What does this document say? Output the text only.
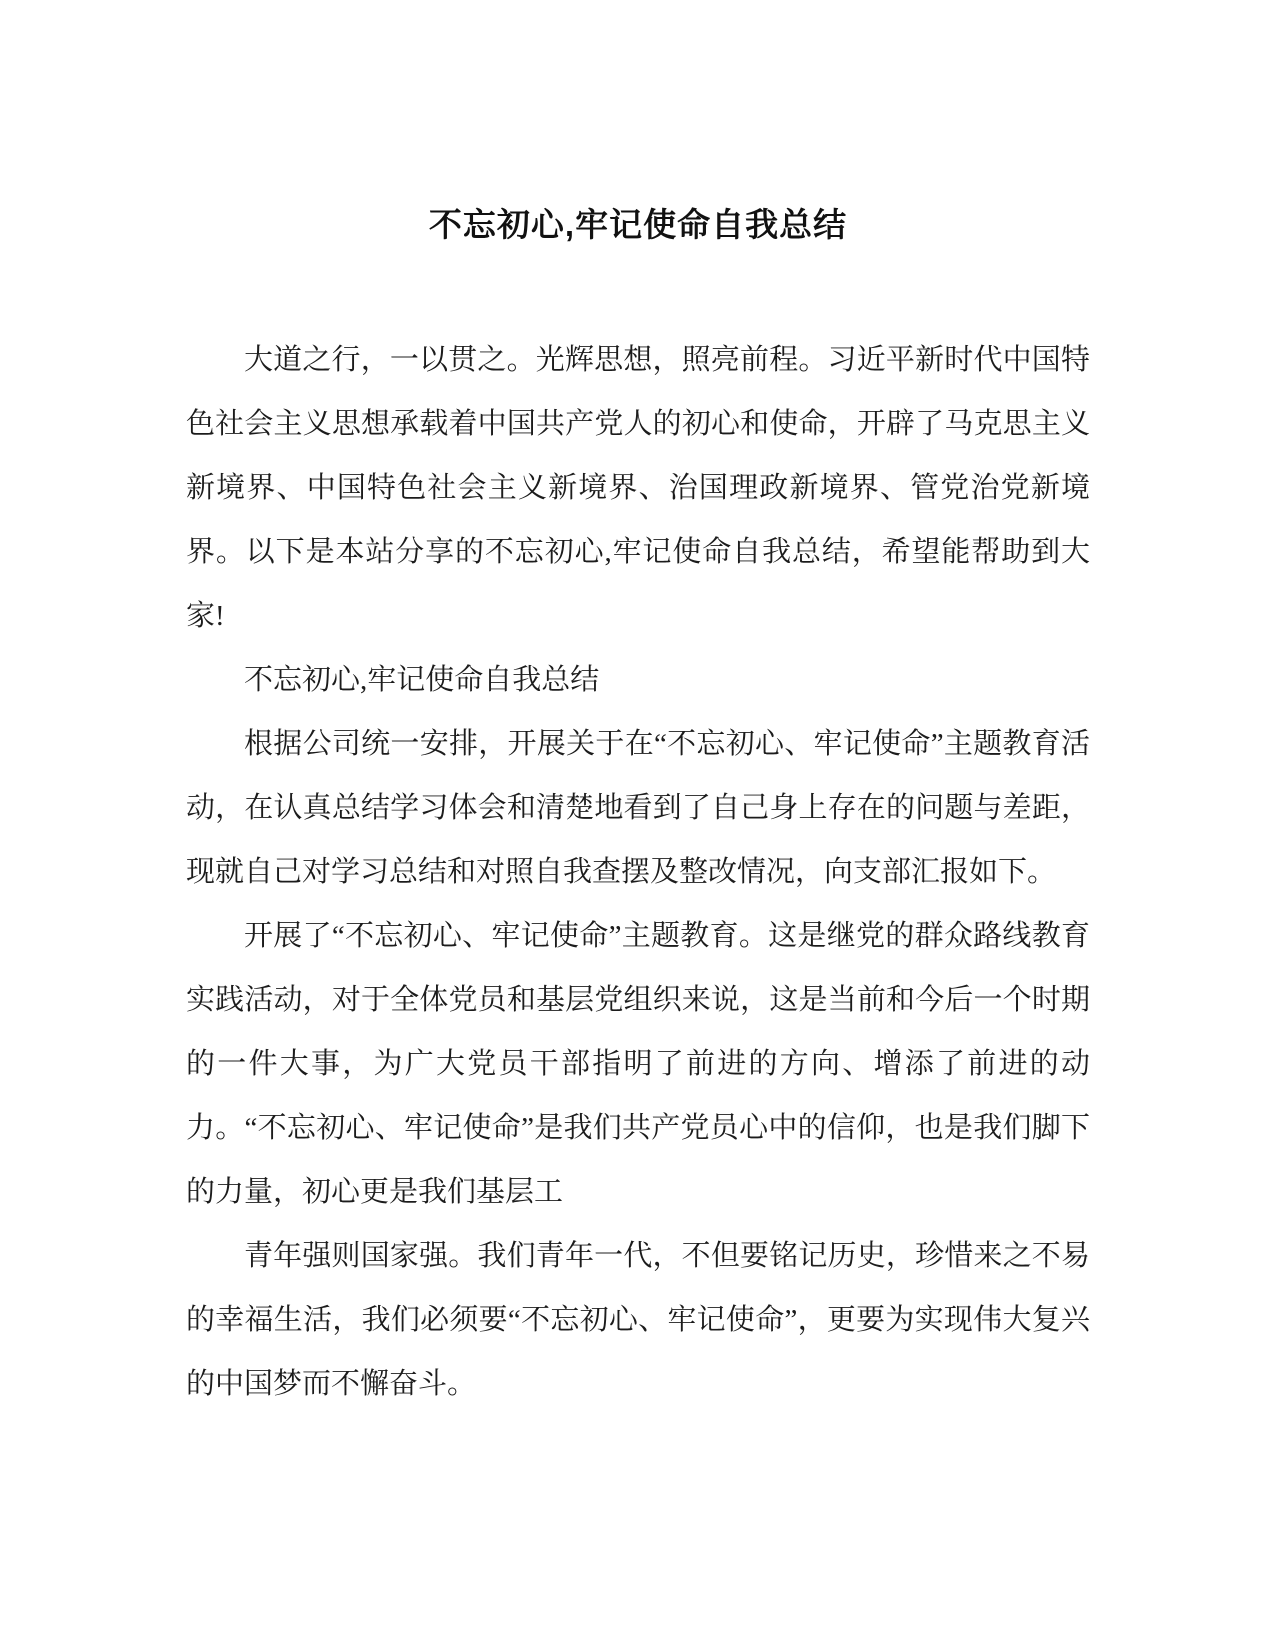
不忘初心,牢记使命自我总结

大道之行，一以贯之。光辉思想，照亮前程。习近平新时代中国特色社会主义思想承载着中国共产党人的初心和使命，开辟了马克思主义新境界、中国特色社会主义新境界、治国理政新境界、管党治党新境界。以下是本站分享的不忘初心,牢记使命自我总结，希望能帮助到大家!

不忘初心,牢记使命自我总结

根据公司统一安排，开展关于在“不忘初心、牢记使命”主题教育活动，在认真总结学习体会和清楚地看到了自己身上存在的问题与差距，现就自己对学习总结和对照自我查摆及整改情况，向支部汇报如下。

开展了“不忘初心、牢记使命”主题教育。这是继党的群众路线教育实践活动，对于全体党员和基层党组织来说，这是当前和今后一个时期的一件大事，为广大党员干部指明了前进的方向、增添了前进的动力。“不忘初心、牢记使命”是我们共产党员心中的信仰，也是我们脚下的力量，初心更是我们基层工

青年强则国家强。我们青年一代，不但要铭记历史，珍惜来之不易的幸福生活，我们必须要“不忘初心、牢记使命”，更要为实现伟大复兴的中国梦而不懈奋斗。
